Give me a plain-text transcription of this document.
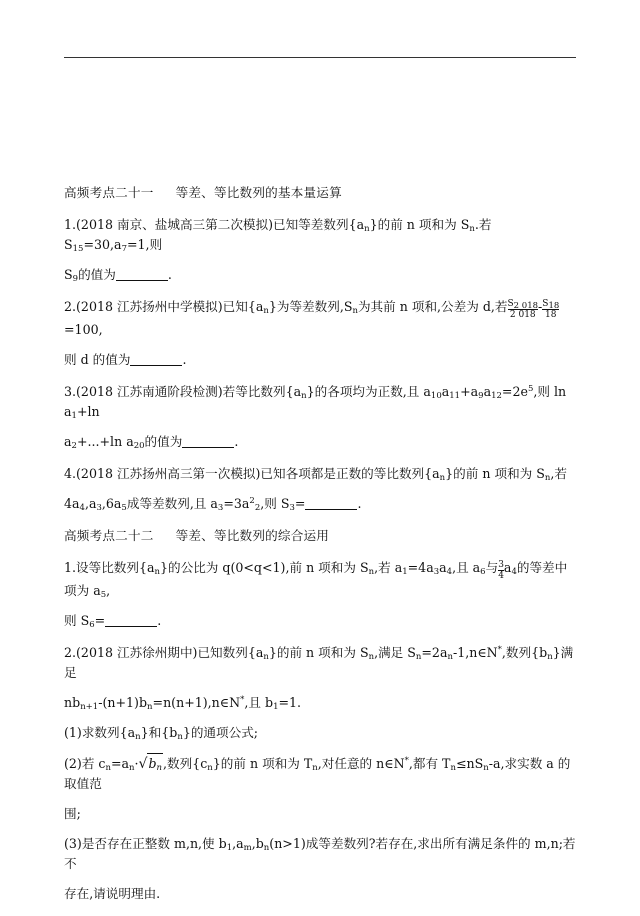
高频考点二十一 等差、等比数列的基本量运算
1.(2018 南京、盐城高三第二次模拟)已知等差数列$\{a_n\}$的前 n 项和为 $S_n$.若 $S_{15}=30,a_7=1$,则
$S_9$的值为	.
2.(2018 江苏扬州中学模拟)已知$\{a_n\}$为等差数列$,S_n$为其前 n 项和,公差为 d,若 $\frac{S_{2 018}}{2 018} - \frac{S_{18}}{18}$
=100,
则 d 的值为	.
3.(2018 江苏南通阶段检测)若等比数列$\{a_n\}$的各项均为正数,且 $a_{10}a_{11}+a_9a_{12}=2e^5$,则 $\ln a_1+\ln$
$a_2+...+\ln$ $a_{20}$的值为	.
4.(2018 江苏扬州高三第一次模拟)已知各项都是正数的等比数列$\{a_n\}$的前 n 项和为 $S_n$,若
$4a_4,a_3,6a_5$成等差数列,且 $a_3=3a^2_2$,则 $S_3=$	.
高频考点二十二 等差、等比数列的综合运用
1.设等比数列$\{a_n\}$的公比为 q(0<q<1),前 n 项和为 $S_n$,若 $a_1=4a_3a_4$,且 $a_6$与 $\frac{3}{4} a_4$的等差中项为 $a_5$,
则 $S_6=$	.
2.(2018 江苏徐州期中)已知数列$\{a_n\}$的前 n 项和为 $S_n$,满足 $S_n=2a_n-1,n\in N^*$,数列$\{b_n\}$满足
$nb_{n+1}-(n+1)b_n=n(n+1),n\in N^*$,且 $b_1=1$.
(1)求数列$\{a_n\}$和$\{b_n\}$的通项公式;
(2)若 $c_n=a_n\cdot√b_n$,数列$\{c_n\}$的前 n 项和为 $T_n$,对任意的 n∈N*,都有 $T_n\le nS_n-a$,求实数 a 的取值范
围;
(3)是否存在正整数 m,n,使 $b_1,a_m,b_n(n>1)$成等差数列?若存在,求出所有满足条件的 m,n;若不
存在,请说明理由.
